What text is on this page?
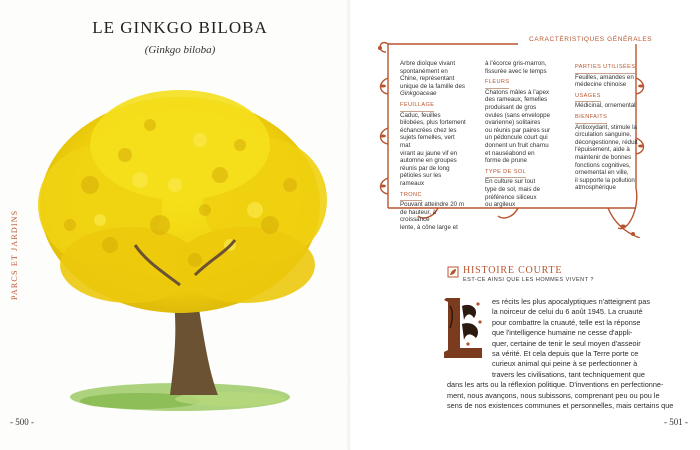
LE GINKGO BILOBA
(Ginkgo biloba)
PARCS ET JARDINS
- 500 -
CARACTÉRISTIQUES GÉNÉRALES
Arbre dioïque vivant
spontanément en
Chine, représentant
unique de la famille des
Ginkgoaceae
FEUILLAGE
Caduc, feuilles
bilobées, plus fortement
échancrées chez les
sujets femelles, vert mat
virant au jaune vif en
automne en groupes
réunis par de long
pétioles sur les rameaux
TRONC
Pouvant atteindre 20 m
de hauteur, à croissance
lente, à cône large et
à l'écorce gris-marron,
fissurée avec le temps
FLEURS
Chatons mâles à l'apex
des rameaux, femelles
produisant de gros
ovules (sans enveloppe
ovarienne) solitaires
ou réunis par paires sur
un pédoncule court qui
donnent un fruit charnu
et nauséabond en
forme de prune
TYPE DE SOL
En culture sur tout
type de sol, mais de
préférence siliceux
ou argileux
PARTIES UTILISÉES
Feuilles, amandes en
médecine chinoise
USAGES
Médicinal, ornemental
BIENFAITS
Antioxydant, stimule la
circulation sanguine,
décongestionne, réduit
l'épuisement, aide à
maintenir de bonnes
fonctions cognitives,
ornemental en ville,
il supporte la pollution
atmosphérique
HISTOIRE COURTE
EST-CE AINSI QUE LES HOMMES VIVENT ?
es récits les plus apocalyptiques n'atteignent pas
la noirceur de celui du 6 août 1945. La cruauté
pour combattre la cruauté, telle est la réponse
que l'intelligence humaine ne cesse d'appli-
quer, certaine de tenir le seul moyen d'asseoir
sa vérité. Et cela depuis que la Terre porte ce
curieux animal qui peine à se perfectionner à
travers les civilisations, tant techniquement que
dans les arts ou la réflexion politique. D'inventions en perfectionne-
ment, nous avançons, nous subissons, comprenant peu ou pou le
sens de nos existences communes et personnelles, mais certains que
- 501 -
